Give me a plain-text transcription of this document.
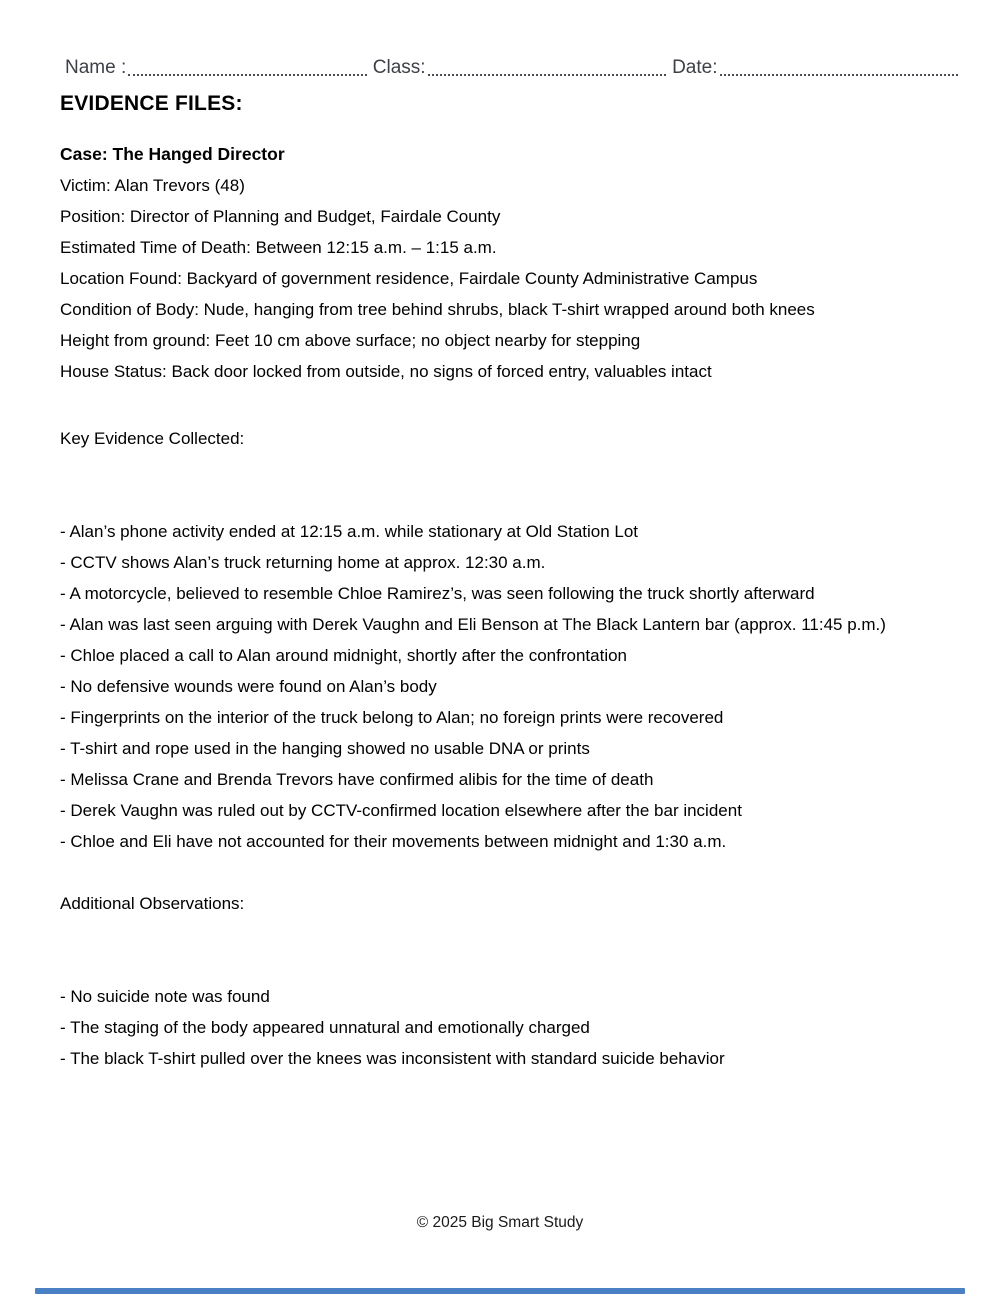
Name :	Class:	Date:
EVIDENCE FILES:
Case: The Hanged Director
Victim: Alan Trevors (48)
Position: Director of Planning and Budget, Fairdale County
Estimated Time of Death: Between 12:15 a.m. – 1:15 a.m.
Location Found: Backyard of government residence, Fairdale County Administrative Campus
Condition of Body: Nude, hanging from tree behind shrubs, black T-shirt wrapped around both knees
Height from ground: Feet 10 cm above surface; no object nearby for stepping
House Status: Back door locked from outside, no signs of forced entry, valuables intact
Key Evidence Collected:
- Alan’s phone activity ended at 12:15 a.m. while stationary at Old Station Lot
- CCTV shows Alan’s truck returning home at approx. 12:30 a.m.
- A motorcycle, believed to resemble Chloe Ramirez’s, was seen following the truck shortly afterward
- Alan was last seen arguing with Derek Vaughn and Eli Benson at The Black Lantern bar (approx. 11:45 p.m.)
- Chloe placed a call to Alan around midnight, shortly after the confrontation
- No defensive wounds were found on Alan’s body
- Fingerprints on the interior of the truck belong to Alan; no foreign prints were recovered
- T-shirt and rope used in the hanging showed no usable DNA or prints
- Melissa Crane and Brenda Trevors have confirmed alibis for the time of death
- Derek Vaughn was ruled out by CCTV-confirmed location elsewhere after the bar incident
- Chloe and Eli have not accounted for their movements between midnight and 1:30 a.m.
Additional Observations:
- No suicide note was found
- The staging of the body appeared unnatural and emotionally charged
- The black T-shirt pulled over the knees was inconsistent with standard suicide behavior
© 2025 Big Smart Study
